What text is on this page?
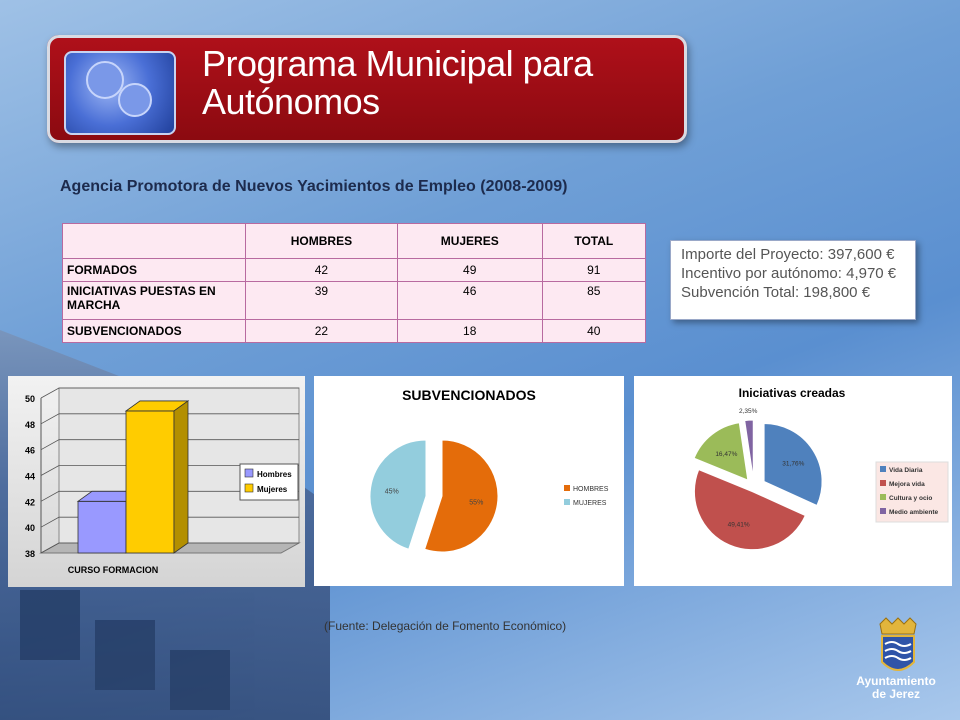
Programa Municipal para
Autónomos
Agencia Promotora de Nuevos Yacimientos de Empleo (2008-2009)
	HOMBRES	MUJERES	TOTAL
FORMADOS	42	49	91
INICIATIVAS PUESTAS EN MARCHA	39	46	85
SUBVENCIONADOS	22	18	40
Importe del Proyecto: 397,600 €
Incentivo por autónomo: 4,970 €
Subvención Total: 198,800 €
38
40
42
44
46
48
50
CURSO FORMACION
Hombres
Mujeres
SUBVENCIONADOS
55%
45%	HOMBRES
MUJERES
Iniciativas creadas
31,76%
49,41%
16,47%
2,35%
Vida Diaria
Mejora vida
Cultura y ocio
Medio ambiente
(Fuente: Delegación de Fomento Económico)
Ayuntamiento
de Jerez
